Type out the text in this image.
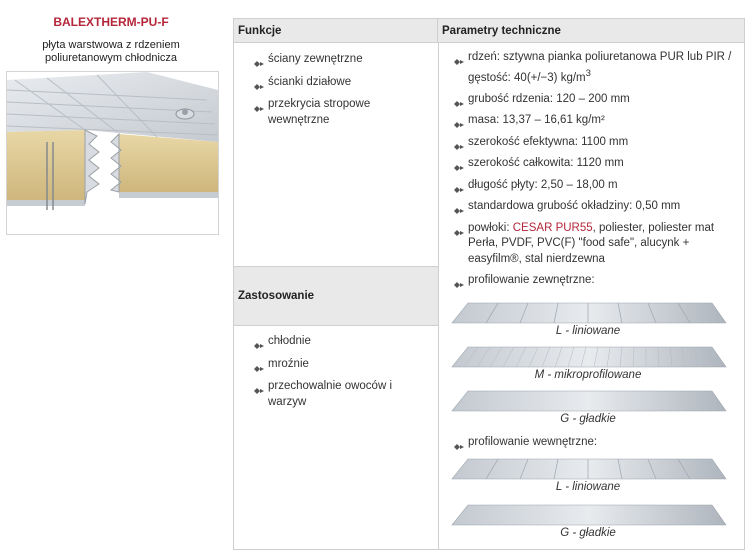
BALEXTHERM-PU-F
płyta warstwowa z rdzeniem
poliuretanowym chłodnicza
Funkcje	Parametry techniczne
ściany zewnętrzne
ścianki działowe
przekrycia stropowe wewnętrzne
Zastosowanie
chłodnie
mroźnie
przechowalnie owoców i warzyw
rdzeń: sztywna pianka poliuretanowa PUR lub PIR / gęstość: 40(+/−3) $kg/m^3$
grubość rdzenia: 120 – 200 mm
masa: 13,37 – 16,61 kg/m²
szerokość efektywna: 1100 mm
szerokość całkowita: 1120 mm
długość płyty: 2,50 – 18,00 m
standardowa grubość okładziny: 0,50 mm
powłoki: CESAR PUR55, poliester, poliester mat Perła, PVDF, PVC(F) "food safe", alucynk + easyfilm®, stal nierdzewna
profilowanie zewnętrzne:
L - liniowane
M - mikroprofilowane
G - gładkie
profilowanie wewnętrzne:
L - liniowane
G - gładkie
